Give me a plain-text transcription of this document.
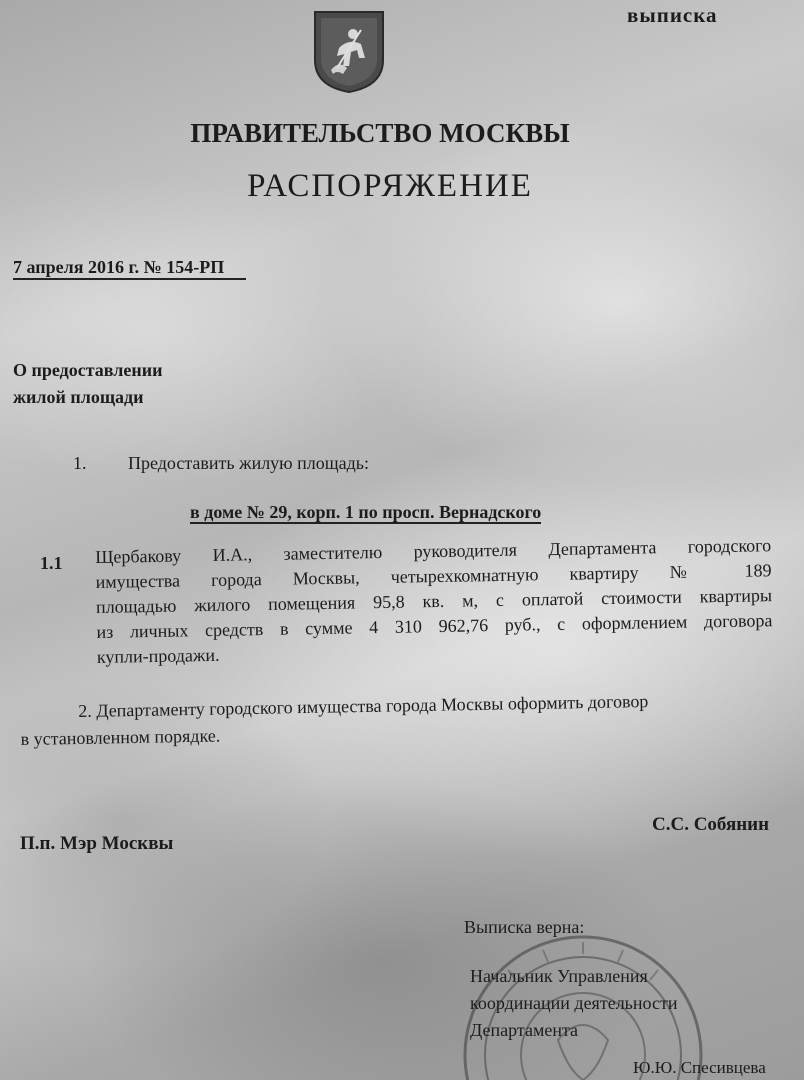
выписка
ПРАВИТЕЛЬСТВО МОСКВЫ
РАСПОРЯЖЕНИЕ
7 апреля 2016 г. № 154-РП
О предоставлении
жилой площади
1. Предоставить жилую площадь:
в доме № 29, корп. 1 по просп. Вернадского
1.1 Щербакову И.А., заместителю руководителя Департамента городского
имущества города Москвы, четырехкомнатную квартиру № 189
площадью жилого помещения 95,8 кв. м, с оплатой стоимости квартиры
из личных средств в сумме 4 310 962,76 руб., с оформлением договора
купли-продажи.
2. Департаменту городского имущества города Москвы оформить договор
в установленном порядке.
П.п. Мэр Москвы
С.С. Собянин
Выписка верна:
Начальник Управления
координации деятельности
Департамента
Ю.Ю. Спесивцева
